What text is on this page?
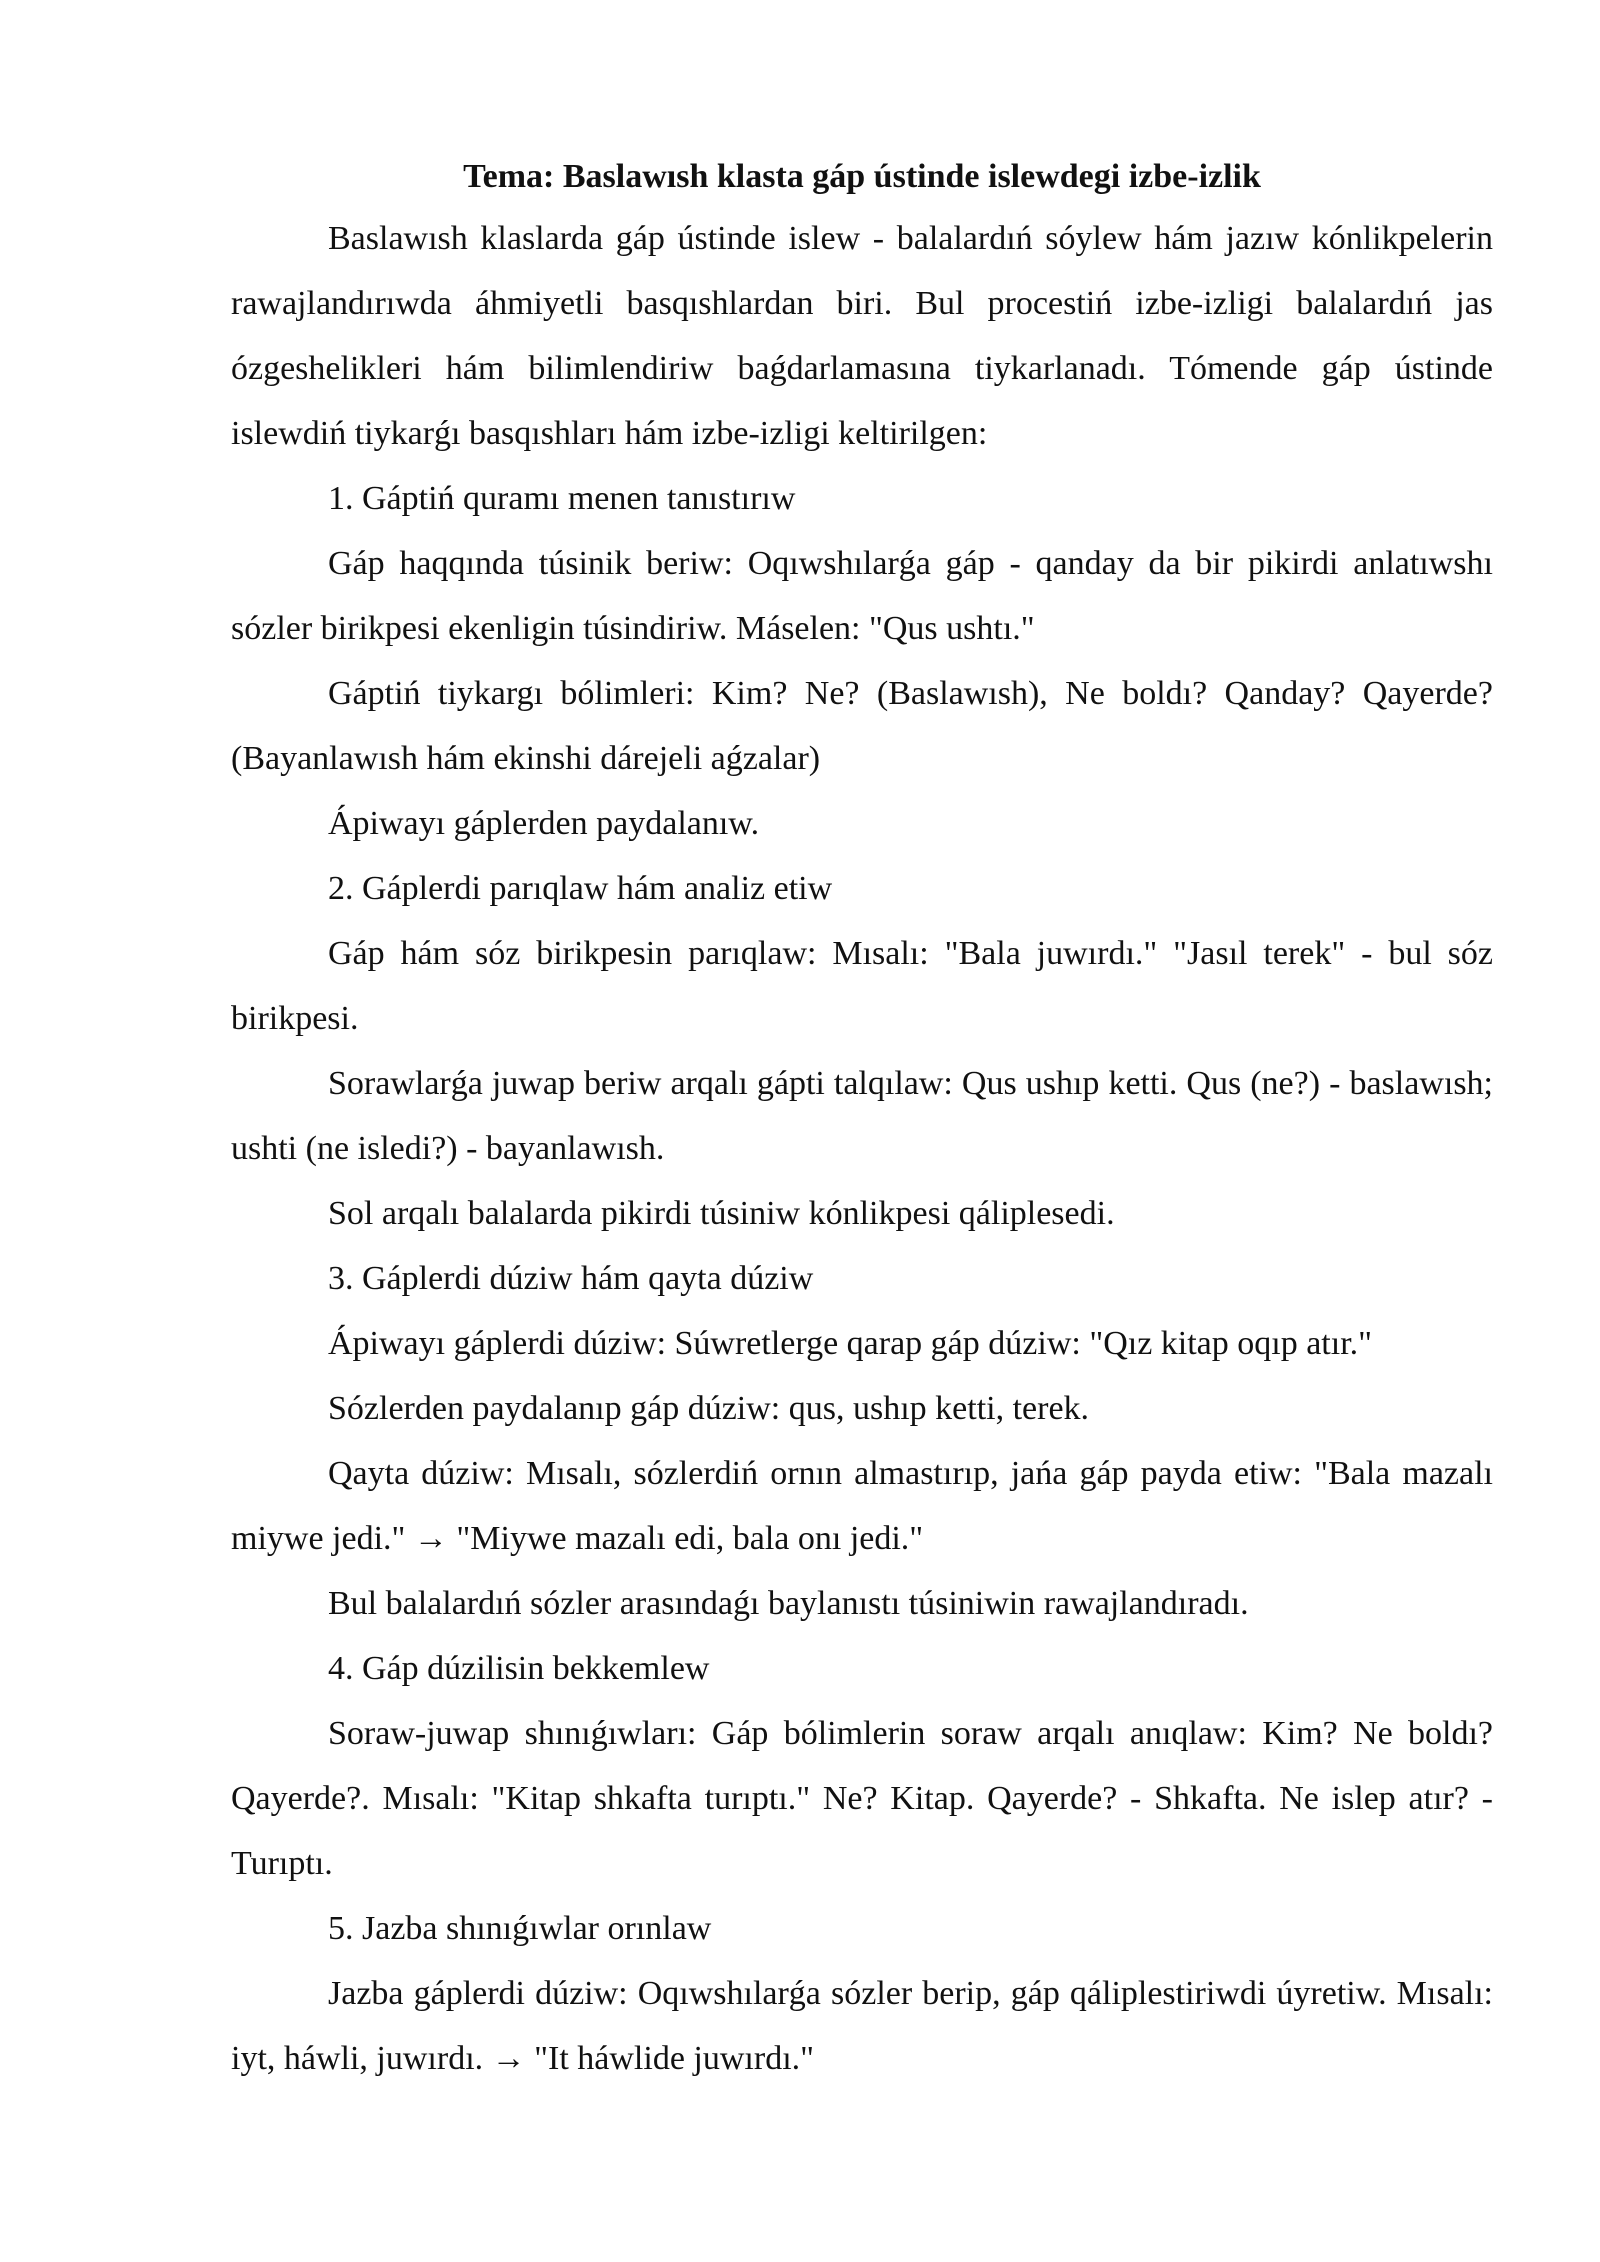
Tema: Baslawısh klasta gáp ústinde islewdegi izbe-izlik

Baslawısh klaslarda gáp ústinde islew - balalardıń sóylew hám jazıw kónlikpelerin rawajlandırıwda áhmiyetli basqıshlardan biri. Bul procestiń izbe-izligi balalardıń jas ózgeshelikleri hám bilimlendiriw baǵdarlamasına tiykarlanadı. Tómende gáp ústinde islewdiń tiykarǵı basqıshları hám izbe-izligi keltirilgen:

1. Gáptiń quramı menen tanıstırıw

Gáp haqqında túsinik beriw: Oqıwshılarǵa gáp - qanday da bir pikirdi anlatıwshı sózler birikpesi ekenligin túsindiriw. Máselen: "Qus ushtı."

Gáptiń tiykargı bólimleri: Kim? Ne? (Baslawısh), Ne boldı? Qanday? Qayerde? (Bayanlawısh hám ekinshi dárejeli aǵzalar)

Ápiwayı gáplerden paydalanıw.

2. Gáplerdi parıqlaw hám analiz etiw

Gáp hám sóz birikpesin parıqlaw: Mısalı: "Bala juwırdı." "Jasıl terek" - bul sóz birikpesi.

Sorawlarǵa juwap beriw arqalı gápti talqılaw: Qus ushıp ketti. Qus (ne?) - baslawısh; ushti (ne isledi?) - bayanlawısh.

Sol arqalı balalarda pikirdi túsiniw kónlikpesi qáliplesedi.

3. Gáplerdi dúziw hám qayta dúziw

Ápiwayı gáplerdi dúziw: Súwretlerge qarap gáp dúziw: "Qız kitap oqıp atır."

Sózlerden paydalanıp gáp dúziw: qus, ushıp ketti, terek.

Qayta dúziw: Mısalı, sózlerdiń ornın almastırıp, jańa gáp payda etiw: "Bala mazalı miywe jedi." → "Miywe mazalı edi, bala onı jedi."

Bul balalardıń sózler arasındaǵı baylanıstı túsiniwin rawajlandıradı.

4. Gáp dúzilisin bekkemlew

Soraw-juwap shınıǵıwları: Gáp bólimlerin soraw arqalı anıqlaw: Kim? Ne boldı? Qayerde?. Mısalı: "Kitap shkafta turıptı." Ne? Kitap. Qayerde? - Shkafta. Ne islep atır? - Turıptı.

5. Jazba shınıǵıwlar orınlaw

Jazba gáplerdi dúziw: Oqıwshılarǵa sózler berip, gáp qáliplestiriwdi úyretiw. Mısalı: iyt, háwli, juwırdı. → "It háwlide juwırdı."
